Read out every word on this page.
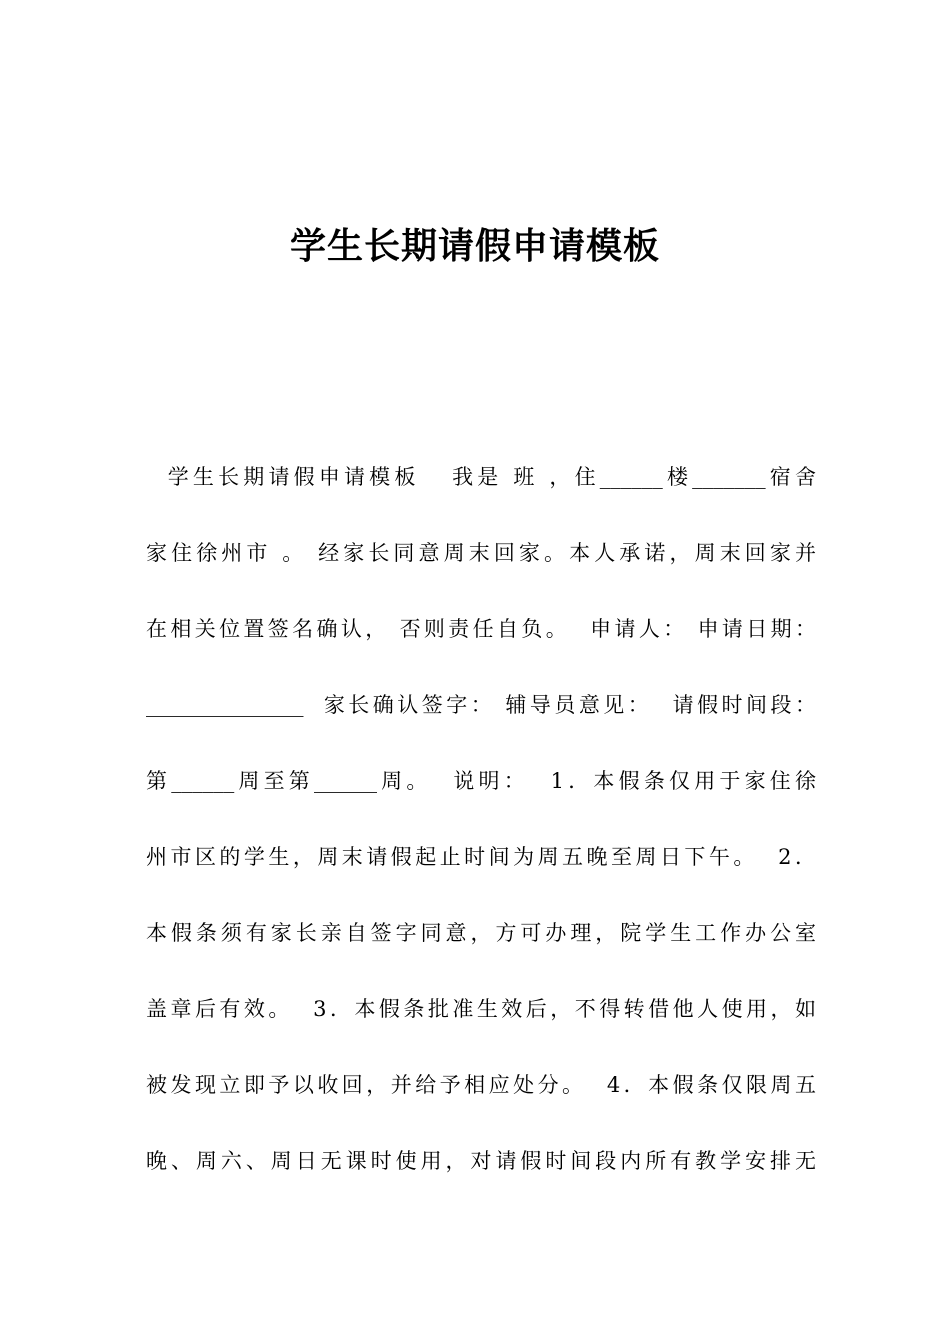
学生长期请假申请模板
学生长期请假申请模板   我是 班 ，住______楼_______宿舍
家住徐州市 。 经家长同意周末回家。本人承诺，周末回家并
在相关位置签名确认， 否则责任自负。  申请人： 申请日期：
_______________  家长确认签字： 辅导员意见：  请假时间段：
第______周至第______周。  说明：  1．本假条仅用于家住徐
州市区的学生，周末请假起止时间为周五晚至周日下午。  2．
本假条须有家长亲自签字同意，方可办理，院学生工作办公室
盖章后有效。  3．本假条批准生效后，不得转借他人使用，如
被发现立即予以收回，并给予相应处分。  4．本假条仅限周五
晚、周六、周日无课时使用，对请假时间段内所有教学安排无
